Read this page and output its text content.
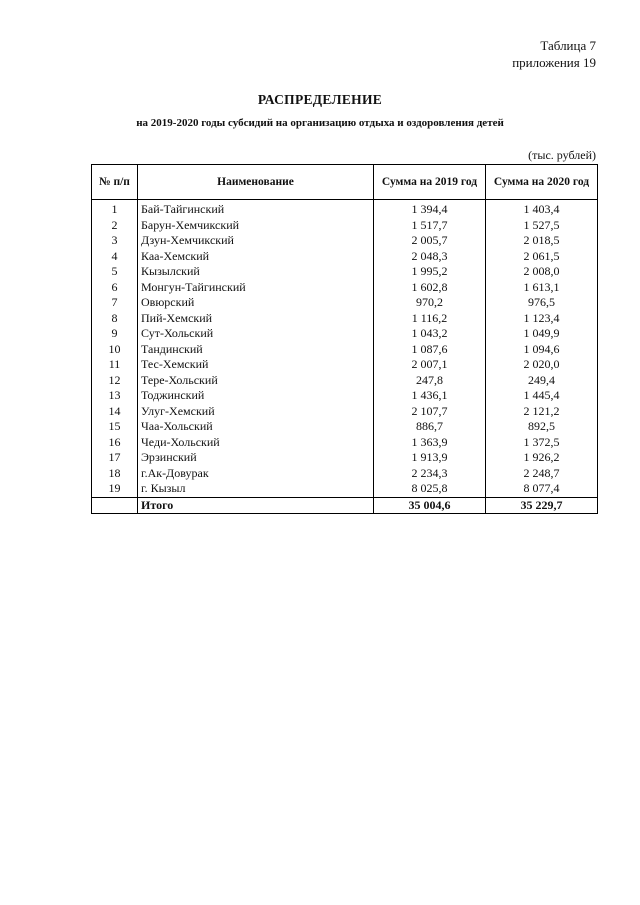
Таблица 7
приложения 19
РАСПРЕДЕЛЕНИЕ
на 2019-2020 годы субсидий на организацию отдыха и оздоровления детей
(тыс. рублей)
№ п/п	Наименование	Сумма на 2019 год	Сумма на 2020 год
1	Бай-Тайгинский	1 394,4	1 403,4
2	Барун-Хемчикский	1 517,7	1 527,5
3	Дзун-Хемчикский	2 005,7	2 018,5
4	Каа-Хемский	2 048,3	2 061,5
5	Кызылский	1 995,2	2 008,0
6	Монгун-Тайгинский	1 602,8	1 613,1
7	Овюрский	970,2	976,5
8	Пий-Хемский	1 116,2	1 123,4
9	Сут-Хольский	1 043,2	1 049,9
10	Тандинский	1 087,6	1 094,6
11	Тес-Хемский	2 007,1	2 020,0
12	Тере-Хольский	247,8	249,4
13	Тоджинский	1 436,1	1 445,4
14	Улуг-Хемский	2 107,7	2 121,2
15	Чаа-Хольский	886,7	892,5
16	Чеди-Хольский	1 363,9	1 372,5
17	Эрзинский	1 913,9	1 926,2
18	г.Ак-Довурак	2 234,3	2 248,7
19	г. Кызыл	8 025,8	8 077,4
	Итого	35 004,6	35 229,7
